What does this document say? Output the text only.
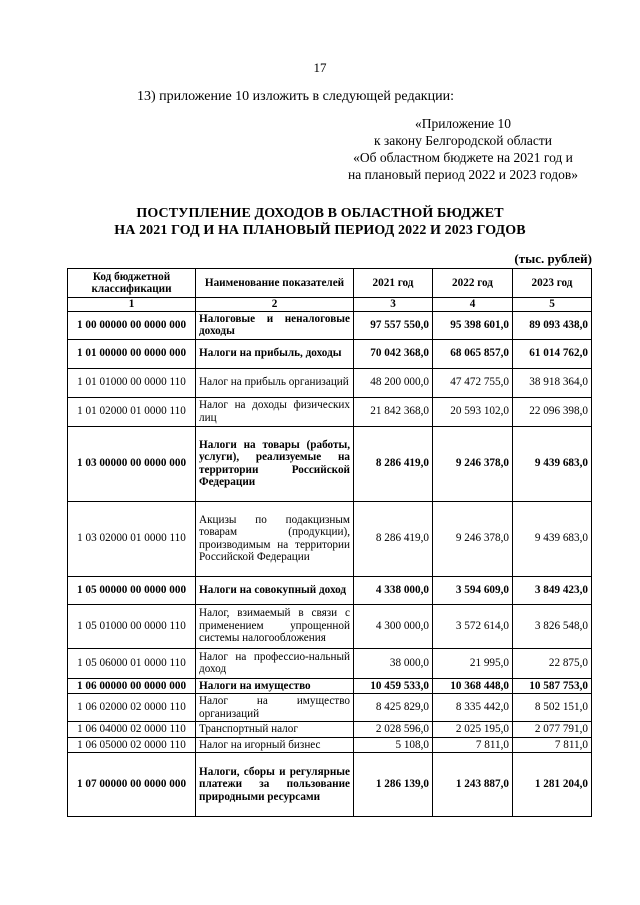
17
13) приложение 10 изложить в следующей редакции:
«Приложение 10
к закону Белгородской области
«Об областном бюджете на 2021 год и
на плановый период 2022 и 2023 годов»
ПОСТУПЛЕНИЕ ДОХОДОВ В ОБЛАСТНОЙ БЮДЖЕТ
НА 2021 ГОД И НА ПЛАНОВЫЙ ПЕРИОД 2022 И 2023 ГОДОВ
(тыс. рублей)
Код бюджетной классификации	Наименование показателей	2021 год	2022 год	2023 год
1	2	3	4	5
1 00 00000 00 0000 000	Налоговые и неналоговые доходы	97 557 550,0	95 398 601,0	89 093 438,0
1 01 00000 00 0000 000	Налоги на прибыль, доходы	70 042 368,0	68 065 857,0	61 014 762,0
1 01 01000 00 0000 110	Налог на прибыль организаций	48 200 000,0	47 472 755,0	38 918 364,0
1 01 02000 01 0000 110	Налог на доходы физических лиц	21 842 368,0	20 593 102,0	22 096 398,0
1 03 00000 00 0000 000	Налоги на товары (работы, услуги), реализуемые на территории Российской Федерации	8 286 419,0	9 246 378,0	9 439 683,0
1 03 02000 01 0000 110	Акцизы по подакцизным товарам (продукции), производимым на территории Российской Федерации	8 286 419,0	9 246 378,0	9 439 683,0
1 05 00000 00 0000 000	Налоги на совокупный доход	4 338 000,0	3 594 609,0	3 849 423,0
1 05 01000 00 0000 110	Налог, взимаемый в связи с применением упрощенной системы налогообложения	4 300 000,0	3 572 614,0	3 826 548,0
1 05 06000 01 0000 110	Налог на профессио-нальный доход	38 000,0	21 995,0	22 875,0
1 06 00000 00 0000 000	Налоги на имущество	10 459 533,0	10 368 448,0	10 587 753,0
1 06 02000 02 0000 110	Налог на имущество организаций	8 425 829,0	8 335 442,0	8 502 151,0
1 06 04000 02 0000 110	Транспортный налог	2 028 596,0	2 025 195,0	2 077 791,0
1 06 05000 02 0000 110	Налог на игорный бизнес	5 108,0	7 811,0	7 811,0
1 07 00000 00 0000 000	Налоги, сборы и регулярные платежи за пользование природными ресурсами	1 286 139,0	1 243 887,0	1 281 204,0
